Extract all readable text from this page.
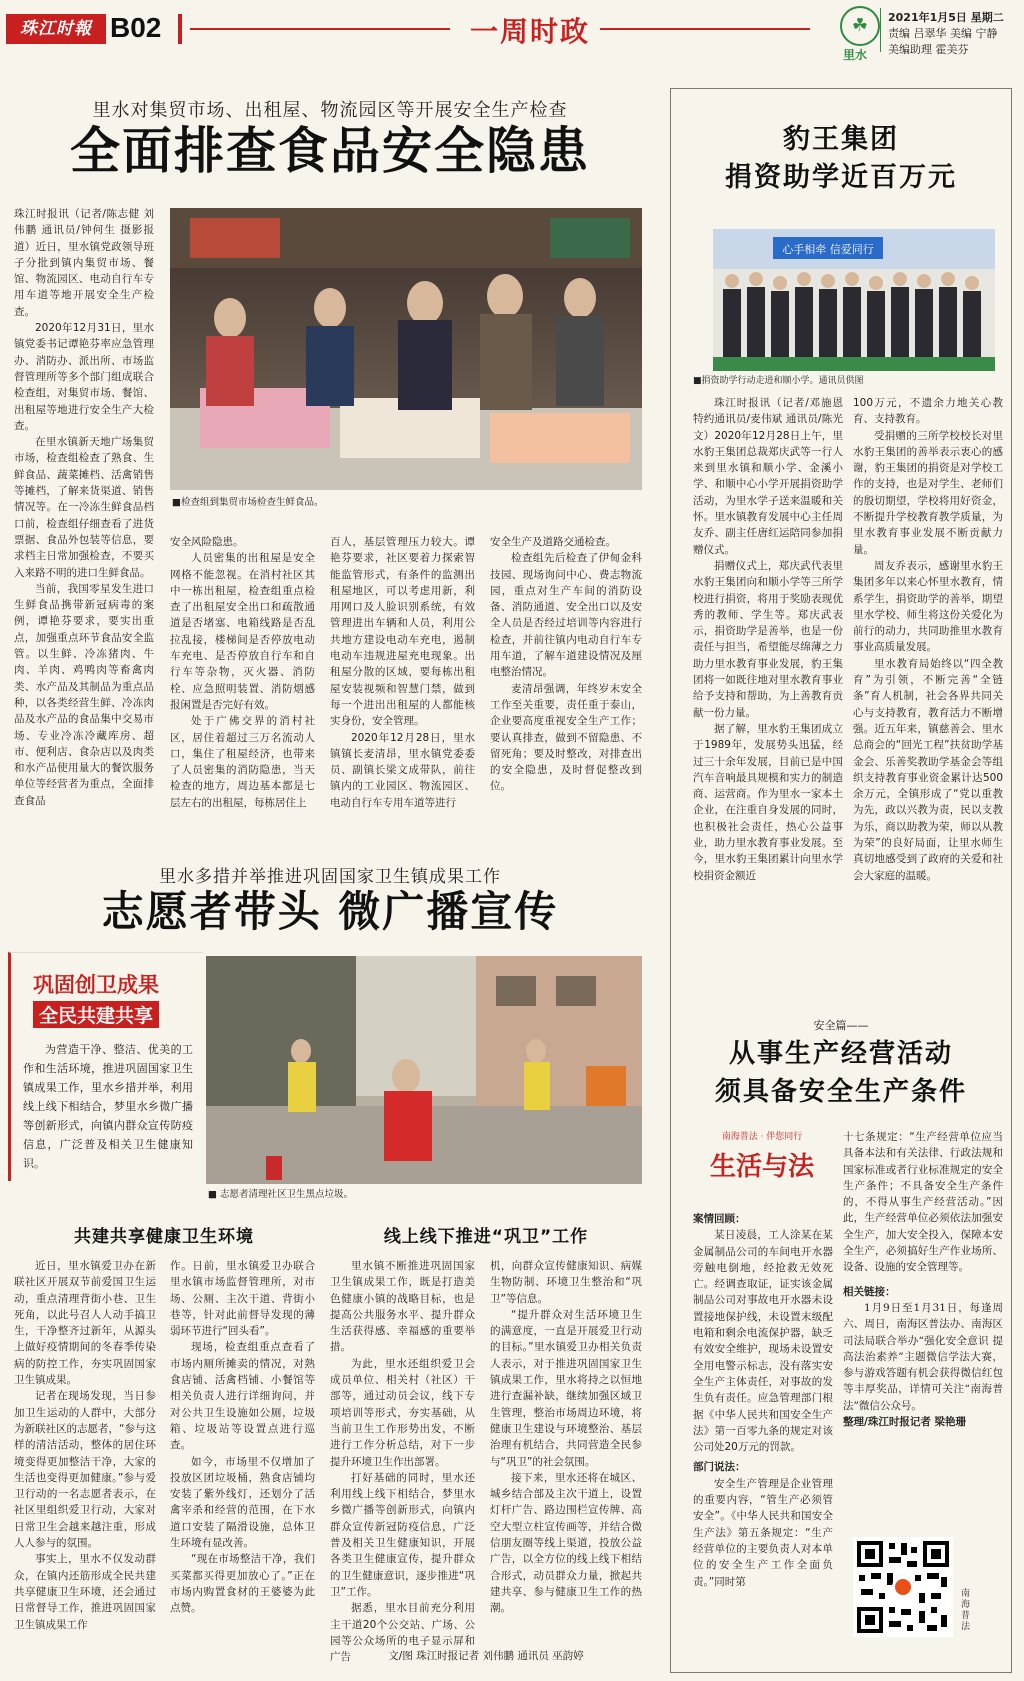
珠江时報 B02	一周时政	☘
里水
2021年1月5日 星期二
责编 吕翠华 美编 宁静
美编助理 霍美芬
里水对集贸市场、出租屋、物流园区等开展安全生产检查
全面排查食品安全隐患

珠江时报讯（记者/陈志健 刘伟鹏 通讯员/钟何生 摄影报道）近日，里水镇党政领导班子分批到镇内集贸市场、餐馆、物流园区、电动自行车专用车道等地开展安全生产检查。

2020年12月31日，里水镇党委书记谭艳芬率应急管理办、消防办、派出所、市场监督管理所等多个部门组成联合检查组，对集贸市场、餐馆、出租屋等地进行安全生产大检查。

在里水镇新天地广场集贸市场，检查组检查了熟食、生鲜食品、蔬菜摊档、活禽销售等摊档，了解来货渠道、销售情况等。在一冷冻生鲜食品档口前，检查组仔细查看了进货票据、食品外包装等信息，要求档主日常加强检查，不要买入来路不明的进口生鲜食品。

当前，我国零星发生进口生鲜食品携带新冠病毒的案例，谭艳芬要求，要实出重点，加强重点环节食品安全监管。以生鲜、冷冻猪肉、牛肉、羊肉、鸡鸭肉等畜禽肉类、水产品及其制品为重点品种，以各类经营生鲜、冷冻肉品及水产品的食品集中交易市场、专业冷冻冷藏库房、超市、便利店、食杂店以及肉类和水产品使用量大的餐饮服务单位等经营者为重点，全面排查食品

■检查组到集贸市场检查生鲜食品。

安全风险隐患。

人员密集的出租屋是安全网格不能忽视。在消村社区其中一栋出租屋，检查组重点检查了出租屋安全出口和疏散通道是否堵塞、电箱线路是否乱拉乱接，楼梯间是否停放电动车充电、是否停放自行车和自行车等杂物，灭火器、消防栓、应急照明装置、消防烟感报闲置是否完好有效。

处于广佛交界的消村社区，居住着超过三万名流动人口，集住了租屋经济，也带来了人员密集的消防隐患，当天检查的地方，周边基本都是七层左右的出租屋，每栋居住上

百人，基层管理压力较大。谭艳芬要求，社区要着力探索智能监管形式，有条件的监测出租屋地区，可以考虑用新，利用网口及人脸识别系统，有效管理进出车辆和人员，利用公共地方建设电动车充电，遏制电动车违规进屋充电现象。出租屋分散的区域，要每栋出租屋安装视频和智慧门禁，做到每一个进出出租屋的人都能核实身份，安全管理。

2020年12月28日，里水镇镇长麦清昂，里水镇党委委员、副镇长梁文成带队，前往镇内的工业园区、物流园区、电动自行车专用车道等进行

安全生产及道路交通检查。

检查组先后检查了伊甸金科技园、现场询问中心、费志物流园，重点对生产车间的消防设备、消防通道、安全出口以及安全人员是否经过培训等内容进行检查，并前往镇内电动自行车专用车道，了解车道建设情况及厘电整治情况。

麦清昂强调，年终岁末安全工作至关重要，责任重于泰山，企业要高度重视安全生产工作；要认真排查，做到不留隐患、不留死角；要及时整改，对排查出的安全隐患，及时督促整改到位。

里水多措并举推进巩固国家卫生镇成果工作
志愿者带头 微广播宣传
巩固创卫成果
全民共建共享
为营造干净、整洁、优美的工作和生活环境，推进巩固国家卫生镇成果工作，里水乡措并举，利用线上线下相结合，梦里水乡微广播等创新形式，向镇内群众宣传防疫信息，广泛普及相关卫生健康知识。
■ 志愿者清理社区卫生黑点垃圾。
共建共享健康卫生环境	线上线下推进“巩卫”工作

近日，里水镇爱卫办在新联社区开展双节前爱国卫生运动，重点清理背街小巷、卫生死角，以此号召人人动手搞卫生，干净整齐过新年，从源头上做好疫情期间的冬春季传染病的防控工作，夯实巩固国家卫生镇成果。

记者在现场发现，当日参加卫生运动的人群中，大部分为新联社区的志愿者，“参与这样的清洁活动，整体的居住环境变得更加整洁干净，大家的生活也变得更加健康。”参与爱卫行动的一名志愿者表示，在社区里组织爱卫行动，大家对日常卫生会越来越注重，形成人人参与的氛围。

事实上，里水不仅发动群众，在镇内还筋形成全民共建共享健康卫生环境，还会通过日常督导工作，推进巩固国家卫生镇成果工作

作。日前，里水镇爱卫办联合里水镇市场监督管理所，对市场、公厕、主次干道、背街小巷等，针对此前督导发现的薄弱环节进行“回头看”。

现场，检查组重点查看了市场内厕所摊卖的情况，对熟食店铺、活禽档铺、小餐馆等相关负责人进行详细询问，并对公共卫生设施如公厕，垃圾箱、垃圾站等设置点进行巡查。

如今，市场里不仅增加了投放区团垃圾桶，熟食店铺均安装了紫外线灯，还划分了活禽宰杀和经营的范围，在下水道口安装了隔滑设施，总体卫生环境有显改善。

“现在市场整洁干净，我们买菜都买得更加放心了。”正在市场内购置食材的王婆婆为此点赞。

里水镇不断推进巩固国家卫生镇成果工作，既是打造美色健康小镇的战略目标，也是提高公共服务水平、提升群众生活获得感、幸福感的重要举措。

为此，里水还组织爱卫会成员单位、相关村（社区）干部等，通过动员会议，线下专项培训等形式，夯实基础，从当前卫生工作形势出发，不断进行工作分析总结，对下一步提升环境卫生作出部署。

打好基础的同时，里水还利用线上线下相结合，梦里水乡微广播等创新形式，向镇内群众宣传新冠防疫信息，广泛普及相关卫生健康知识，开展各类卫生健康宣传，提升群众的卫生健康意识，逐步推进“巩卫”工作。

据悉，里水目前充分利用主干道20个公交站、广场、公园等公众场所的电子显示屏和广告

机，向群众宣传健康知识、病媒生物防制、环境卫生整治和“巩卫”等信息。

“提升群众对生活环境卫生的满意度，一直是开展爱卫行动的目标。”里水镇爱卫办相关负责人表示，对于推进巩固国家卫生镇成果工作，里水将持之以恒地进行查漏补缺，继续加强区域卫生管理，整治市场周边环境，将健康卫生建设与环境整治、基层治理有机结合，共同营造全民参与“巩卫”的社会氛围。

接下来，里水还将在城区、城乡结合部及主次干道上，设置灯杆广告、路边围栏宣传牌、高空大型立柱宣传画等，并结合微信朋友圈等线上渠道，投放公益广告，以全方位的线上线下相结合形式，动员群众力量，掀起共建共享、参与健康卫生工作的热潮。

文/图 珠江时报记者 刘伟鹏 通讯员 巫韵婷
豹王集团
捐资助学近百万元
心手相牵 信爱同行
■捐资助学行动走进和顺小学。通讯员供图

珠江时报讯（记者/邓施恩 特约通讯员/麦伟斌 通讯员/陈光文）2020年12月28日上午，里水豹王集团总裁郑庆武等一行人来到里水镇和顺小学、金溪小学、和顺中心小学开展捐资助学活动，为里水学子送来温暖和关怀。里水镇教育发展中心主任周友乔、副主任唐红运陪同参加捐赠仪式。

捐赠仪式上，郑庆武代表里水豹王集团向和顺小学等三所学校进行捐资，将用于奖励表现优秀的教师、学生等。郑庆武表示，捐资助学是善举，也是一份责任与担当，希望能尽绵薄之力助力里水教育事业发展，豹王集团将一如既往地对里水教育事业给予支持和帮助，为上善教育贡献一份力量。

据了解，里水豹王集团成立于1989年，发展势头迅猛，经过三十余年发展，目前已是中国汽车音响最具规模和实力的制造商、运营商。作为里水一家本土企业，在注重自身发展的同时，也积极社会责任，热心公益事业，助力里水教育事业发展。至今，里水豹王集团累计向里水学校捐资金额近

100万元，不遗余力地关心教育、支持教育。

受捐赠的三所学校校长对里水豹王集团的善举表示衷心的感谢，豹王集团的捐资是对学校工作的支持，也是对学生、老师们的殷切期望，学校将用好资金，不断提升学校教育教学质量，为里水教育事业发展不断贡献力量。

周友乔表示，感谢里水豹王集团多年以来心怀里水教育，情系学生，捐资助学的善举，期望里水学校、师生将这份关爱化为前行的动力，共同助推里水教育事业高质量发展。

里水教育局始终以“四全教育”为引领，不断完善“全链条”育人机制，社会各界共同关心与支持教育，教育活力不断增强。近五年来，镇慈善会、里水总商会的“回光工程”扶贫助学基金会、乐善奖教助学基金会等组织支持教育事业资金累计达500余万元，全镇形成了“党以重教为先，政以兴教为责，民以支教为乐，商以助教为荣，师以从教为荣”的良好局面，让里水师生真切地感受到了政府的关爱和社会大家庭的温暖。

安全篇——
从事生产经营活动
须具备安全生产条件
南海普法 · 伴您同行
生活与法

案情回顾：

某日凌晨，工人涂某在某金属制品公司的车间电开水器旁触电倒地，经抢救无效死亡。经调查取证，证实该金属制品公司对事故电开水器未设置接地保护线，未设置末级配电箱和剩余电流保护器，缺乏有效安全维护，现场未设置安全用电警示标志，没有落实安全生产主体责任，对事故的发生负有责任。应急管理部门根据《中华人民共和国安全生产法》第一百零九条的规定对该公司处20万元的罚款。

部门说法：

安全生产管理是企业管理的重要内容，“管生产必须管安全”。《中华人民共和国安全生产法》第五条规定：“生产经营单位的主要负责人对本单位的安全生产工作全面负责。”同时第

十七条规定：“生产经营单位应当具备本法和有关法律、行政法规和国家标准或者行业标准规定的安全生产条件；不具备安全生产条件的，不得从事生产经营活动。”因此，生产经营单位必须依法加强安全生产，加大安全投入，保障本安全生产，必须搞好生产作业场所、设备、设施的安全管理等。

相关链接：

1月9日至1月31日，每逢周六、周日，南海区普法办、南海区司法局联合举办“强化安全意识 提高法治素养”主题微信学法大赛，参与游戏答题有机会获得微信红包等丰厚奖品，详情可关注“南海普法”微信公众号。

整理/珠江时报记者 梁艳珊

南海普法
